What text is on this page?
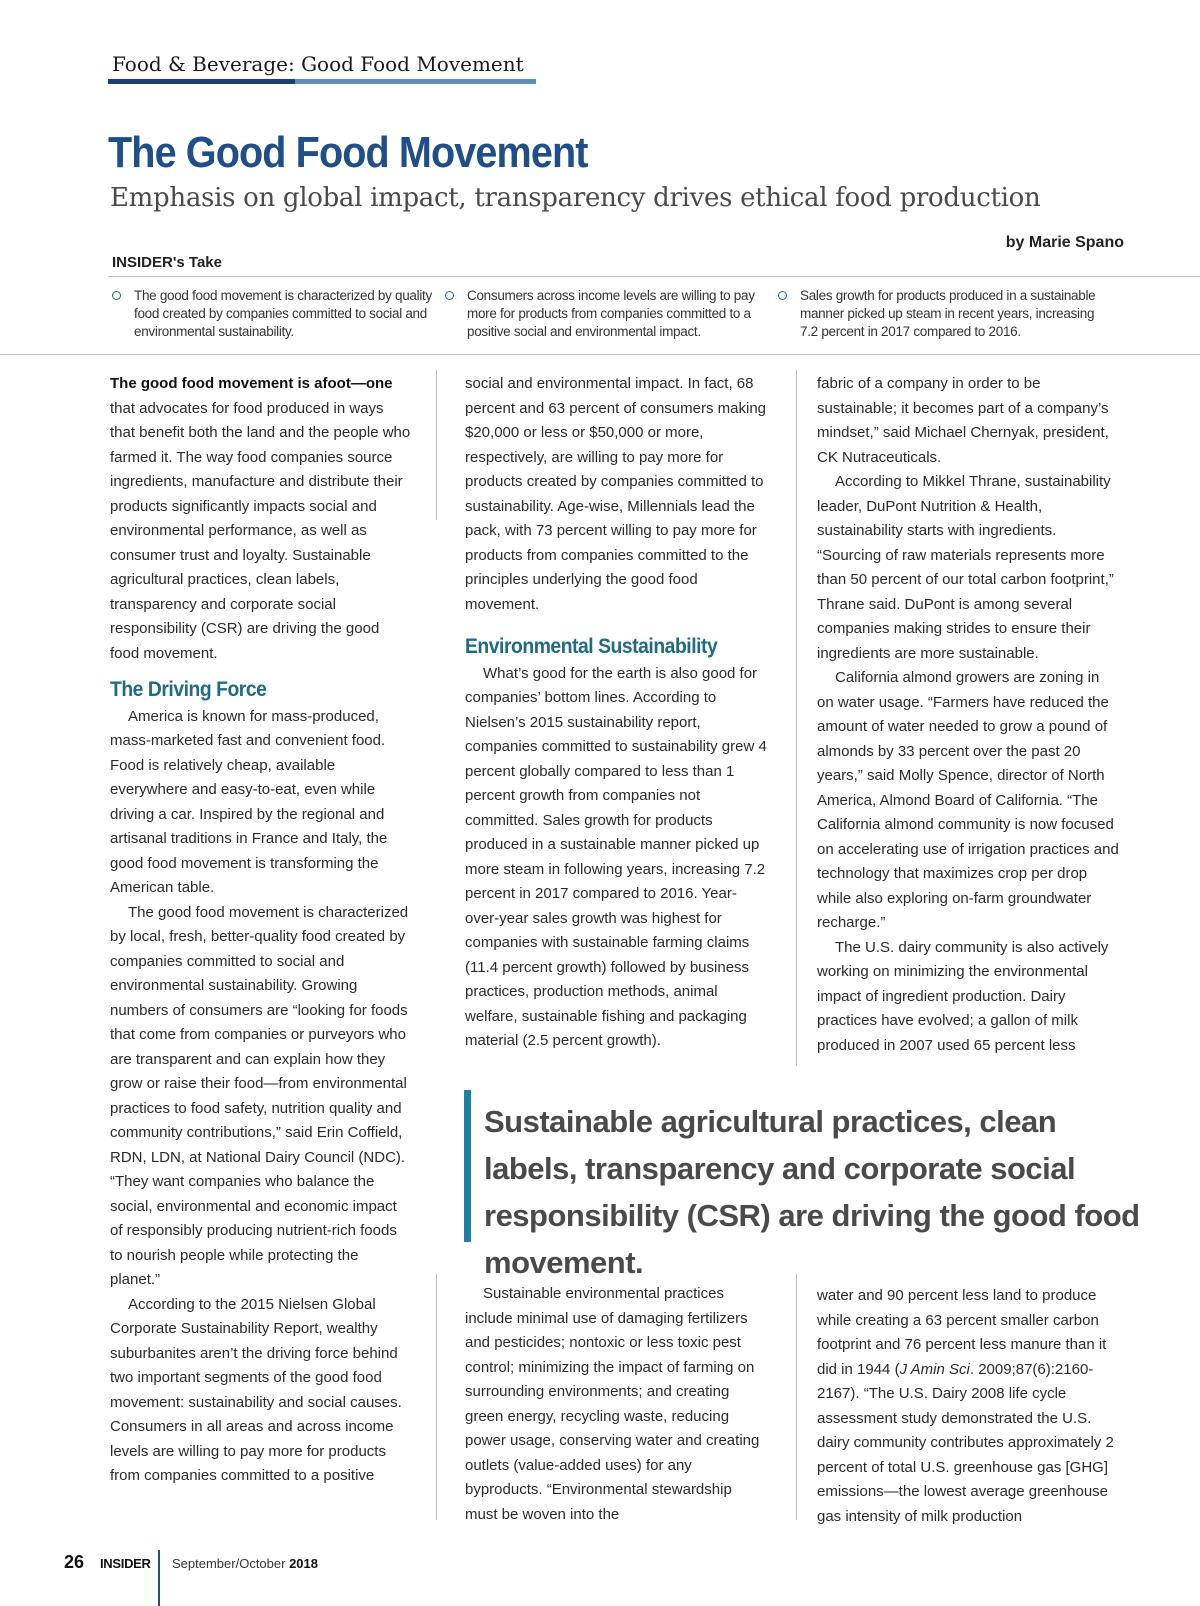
Food & Beverage: Good Food Movement
The Good Food Movement
Emphasis on global impact, transparency drives ethical food production
by Marie Spano
INSIDER's Take
The good food movement is characterized by quality food created by companies committed to social and environmental sustainability.
Consumers across income levels are willing to pay more for products from companies committed to a positive social and environmental impact.
Sales growth for products produced in a sustainable manner picked up steam in recent years, increasing 7.2 percent in 2017 compared to 2016.

The good food movement is afoot—one that advocates for food produced in ways that benefit both the land and the people who farmed it. The way food companies source ingredients, manufacture and distribute their products significantly impacts social and environmental performance, as well as consumer trust and loyalty. Sustainable agricultural practices, clean labels, transparency and corporate social responsibility (CSR) are driving the good food movement.

The Driving Force

America is known for mass-produced, mass-marketed fast and convenient food. Food is relatively cheap, available everywhere and easy-to-eat, even while driving a car. Inspired by the regional and artisanal traditions in France and Italy, the good food movement is transforming the American table.

The good food movement is characterized by local, fresh, better-quality food created by companies committed to social and environmental sustainability. Growing numbers of consumers are “looking for foods that come from companies or purveyors who are transparent and can explain how they grow or raise their food—from environmental practices to food safety, nutrition quality and community contributions,” said Erin Coffield, RDN, LDN, at National Dairy Council (NDC). “They want companies who balance the social, environmental and economic impact of responsibly producing nutrient-rich foods to nourish people while protecting the planet.”

According to the 2015 Nielsen Global Corporate Sustainability Report, wealthy suburbanites aren’t the driving force behind two important segments of the good food movement: sustainability and social causes. Consumers in all areas and across income levels are willing to pay more for products from companies committed to a positive

social and environmental impact. In fact, 68 percent and 63 percent of consumers making $20,000 or less or $50,000 or more, respectively, are willing to pay more for products created by companies committed to sustainability. Age-wise, Millennials lead the pack, with 73 percent willing to pay more for products from companies committed to the principles underlying the good food movement.

Environmental Sustainability

What’s good for the earth is also good for companies’ bottom lines. According to Nielsen’s 2015 sustainability report, companies committed to sustainability grew 4 percent globally compared to less than 1 percent growth from companies not committed. Sales growth for products produced in a sustainable manner picked up more steam in following years, increasing 7.2 percent in 2017 compared to 2016. Year-over-year sales growth was highest for companies with sustainable farming claims (11.4 percent growth) followed by business practices, production methods, animal welfare, sustainable fishing and packaging material (2.5 percent growth).

fabric of a company in order to be sustainable; it becomes part of a company’s mindset,” said Michael Chernyak, president, CK Nutraceuticals.

According to Mikkel Thrane, sustainability leader, DuPont Nutrition & Health, sustainability starts with ingredients. “Sourcing of raw materials represents more than 50 percent of our total carbon footprint,” Thrane said. DuPont is among several companies making strides to ensure their ingredients are more sustainable.

California almond growers are zoning in on water usage. “Farmers have reduced the amount of water needed to grow a pound of almonds by 33 percent over the past 20 years,” said Molly Spence, director of North America, Almond Board of California. “The California almond community is now focused on accelerating use of irrigation practices and technology that maximizes crop per drop while also exploring on-farm groundwater recharge.”

The U.S. dairy community is also actively working on minimizing the environmental impact of ingredient production. Dairy practices have evolved; a gallon of milk produced in 2007 used 65 percent less

Sustainable agricultural practices, clean labels, transparency and corporate social responsibility (CSR) are driving the good food movement.

Sustainable environmental practices include minimal use of damaging fertilizers and pesticides; nontoxic or less toxic pest control; minimizing the impact of farming on surrounding environments; and creating green energy, recycling waste, reducing power usage, conserving water and creating outlets (value-added uses) for any byproducts. “Environmental stewardship must be woven into the

water and 90 percent less land to produce while creating a 63 percent smaller carbon footprint and 76 percent less manure than it did in 1944 (J Amin Sci. 2009;87(6):2160-2167). “The U.S. Dairy 2008 life cycle assessment study demonstrated the U.S. dairy community contributes approximately 2 percent of total U.S. greenhouse gas [GHG] emissions—the lowest average greenhouse gas intensity of milk production

26 INSIDER September/October 2018
